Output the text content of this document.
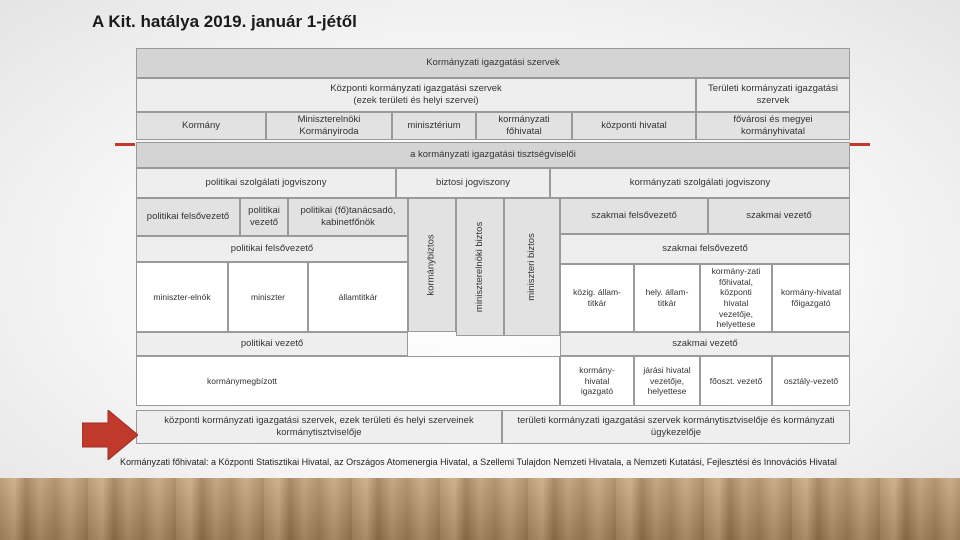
A Kit. hatálya 2019. január 1-jétől
Kormányzati igazgatási szervek
Központi kormányzati igazgatási szervek
(ezek területi és helyi szervei)
Területi kormányzati igazgatási szervek
Kormány
Miniszterelnöki Kormányiroda
minisztérium
kormányzati főhivatal
központi hivatal
fővárosi és megyei kormányhivatal
a kormányzati igazgatási tisztségviselői
politikai szolgálati jogviszony	biztosi jogviszony	kormányzati szolgálati jogviszony
politikai felsővezető
politikai vezető
politikai (fő)tanácsadó, kabinetfőnök
politikai felsővezető
miniszter-elnök	miniszter	államtitkár
politikai vezető
kormánymegbízott
kormánybiztos	miniszterelnöki biztos	miniszteri biztos
szakmai felsővezető	szakmai vezető
szakmai felsővezető
közig. állam-titkár
hely. állam-titkár
kormány-zati főhivatal, központi hivatal vezetője, helyettese
kormány-hivatal főigazgató
szakmai vezető
kormány-hivatal igazgató
járási hivatal vezetője, helyettese
főoszt. vezető	osztály-vezető
központi kormányzati igazgatási szervek, ezek területi és helyi szerveinek kormánytisztviselője
területi kormányzati igazgatási szervek kormánytisztviselője és kormányzati ügykezelője
Kormányzati főhivatal: a Központi Statisztikai Hivatal, az Országos Atomenergia Hivatal, a Szellemi Tulajdon Nemzeti Hivatala, a Nemzeti Kutatási, Fejlesztési és Innovációs Hivatal
